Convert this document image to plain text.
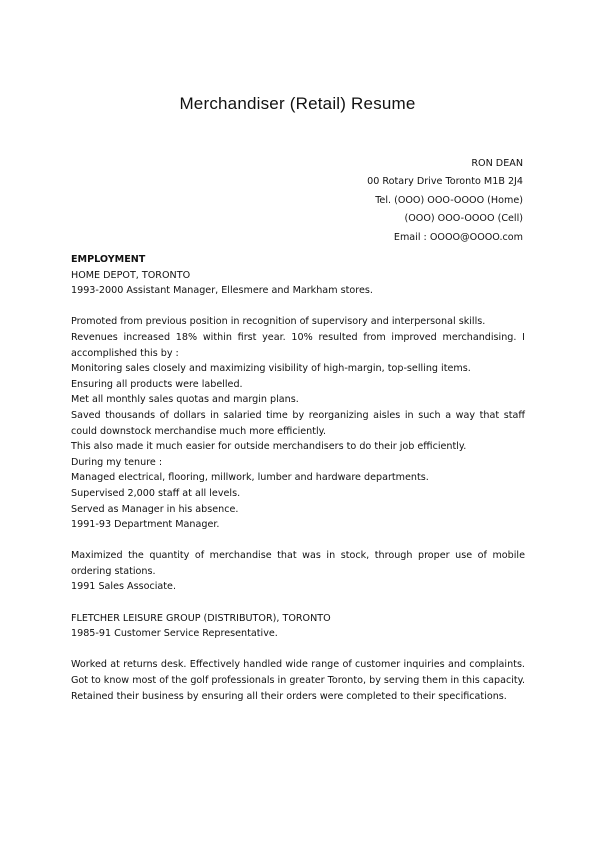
Merchandiser (Retail) Resume
RON DEAN
00 Rotary Drive Toronto M1B 2J4
Tel. (OOO) OOO-OOOO (Home)
(OOO) OOO-OOOO (Cell)
Email : OOOO@OOOO.com
EMPLOYMENT
HOME DEPOT, TORONTO
1993-2000 Assistant Manager, Ellesmere and Markham stores.
Promoted from previous position in recognition of supervisory and interpersonal skills.
Revenues increased 18% within first year. 10% resulted from improved merchandising. I accomplished this by :
Monitoring sales closely and maximizing visibility of high-margin, top-selling items.
Ensuring all products were labelled.
Met all monthly sales quotas and margin plans.
Saved thousands of dollars in salaried time by reorganizing aisles in such a way that staff could downstock merchandise much more efficiently.
This also made it much easier for outside merchandisers to do their job efficiently.
During my tenure :
Managed electrical, flooring, millwork, lumber and hardware departments.
Supervised 2,000 staff at all levels.
Served as Manager in his absence.
1991-93 Department Manager.
Maximized the quantity of merchandise that was in stock, through proper use of mobile ordering stations.
1991 Sales Associate.
FLETCHER LEISURE GROUP (DISTRIBUTOR), TORONTO
1985-91 Customer Service Representative.
Worked at returns desk. Effectively handled wide range of customer inquiries and complaints. Got to know most of the golf professionals in greater Toronto, by serving them in this capacity. Retained their business by ensuring all their orders were completed to their specifications.
